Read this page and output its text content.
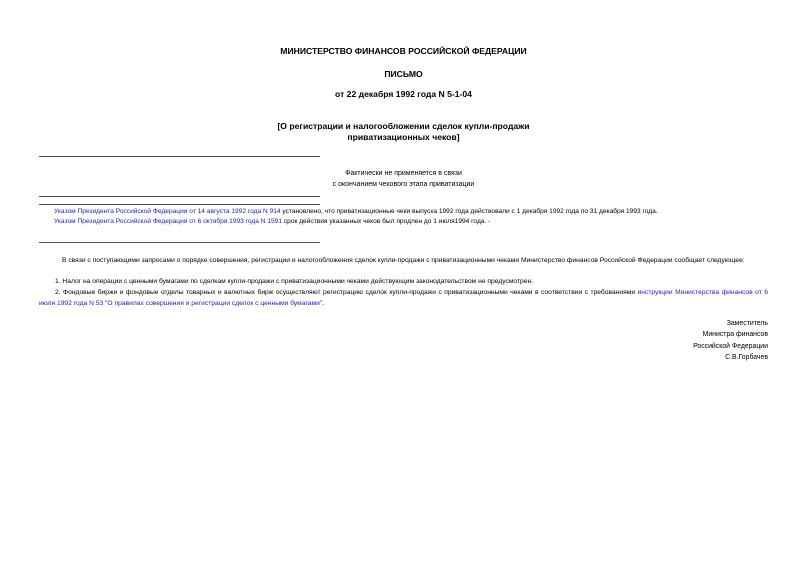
МИНИСТЕРСТВО ФИНАНСОВ РОССИЙСКОЙ ФЕДЕРАЦИИ
ПИСЬМО
от 22 декабря 1992 года N 5-1-04
[О регистрации и налогообложении сделок купли-продажи
приватизационных чеков]
Фактически не применяется в связи
с окончанием чекового этапа приватизации
Указом Президента Российской Федерации от 14 августа 1992 года N 914 установлено, что приватизационные чеки выпуска 1992 года действовали с 1 декабря 1992 года по 31 декабря 1993 года.
Указом Президента Российской Федерации от 6 октября 1993 года N 1591 срок действия указанных чеков был продлен до 1 июля1994 года. -
В связи с поступающими запросами о порядке совершения, регистрации и налогообложения сделок купли-продажи с приватизационными чеками Министерство финансов Российской Федерации сообщает следующее:
1. Налог на операции с ценными бумагами по сделкам купли-продажи с приватизационными чеками действующим законодательством не предусмотрен.
2. Фондовые биржи и фондовые отделы товарных и валютных бирж осуществляют регистрацию сделок купли-продажи с приватизационными чеками в соответствии с требованиями инструкции Министерства финансов от 6 июля 1992 года N 53 "О правилах совершения и регистрации сделок с ценными бумагами".
Заместитель
Министра финансов
Российской Федерации
С.В.Горбачев
